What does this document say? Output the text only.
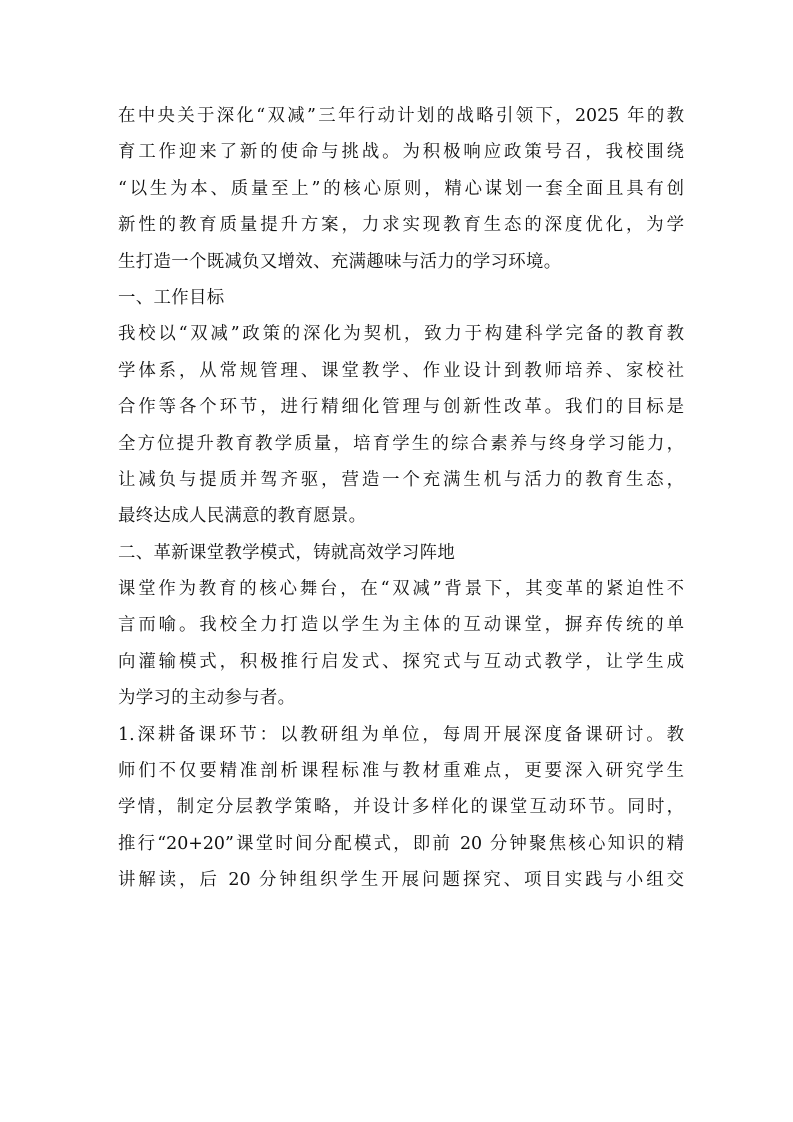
在中央关于深化“双减”三年行动计划的战略引领下，2025 年的教
育工作迎来了新的使命与挑战。为积极响应政策号召，我校围绕
“以生为本、质量至上”的核心原则，精心谋划一套全面且具有创
新性的教育质量提升方案，力求实现教育生态的深度优化，为学
生打造一个既减负又增效、充满趣味与活力的学习环境。
一、工作目标
我校以“双减”政策的深化为契机，致力于构建科学完备的教育教
学体系，从常规管理、课堂教学、作业设计到教师培养、家校社
合作等各个环节，进行精细化管理与创新性改革。我们的目标是
全方位提升教育教学质量，培育学生的综合素养与终身学习能力，
让减负与提质并驾齐驱，营造一个充满生机与活力的教育生态，
最终达成人民满意的教育愿景。
二、革新课堂教学模式，铸就高效学习阵地
课堂作为教育的核心舞台，在“双减”背景下，其变革的紧迫性不
言而喻。我校全力打造以学生为主体的互动课堂，摒弃传统的单
向灌输模式，积极推行启发式、探究式与互动式教学，让学生成
为学习的主动参与者。
1.深耕备课环节：以教研组为单位，每周开展深度备课研讨。教
师们不仅要精准剖析课程标准与教材重难点，更要深入研究学生
学情，制定分层教学策略，并设计多样化的课堂互动环节。同时，
推行“20+20”课堂时间分配模式，即前 20 分钟聚焦核心知识的精
讲解读，后 20 分钟组织学生开展问题探究、项目实践与小组交
